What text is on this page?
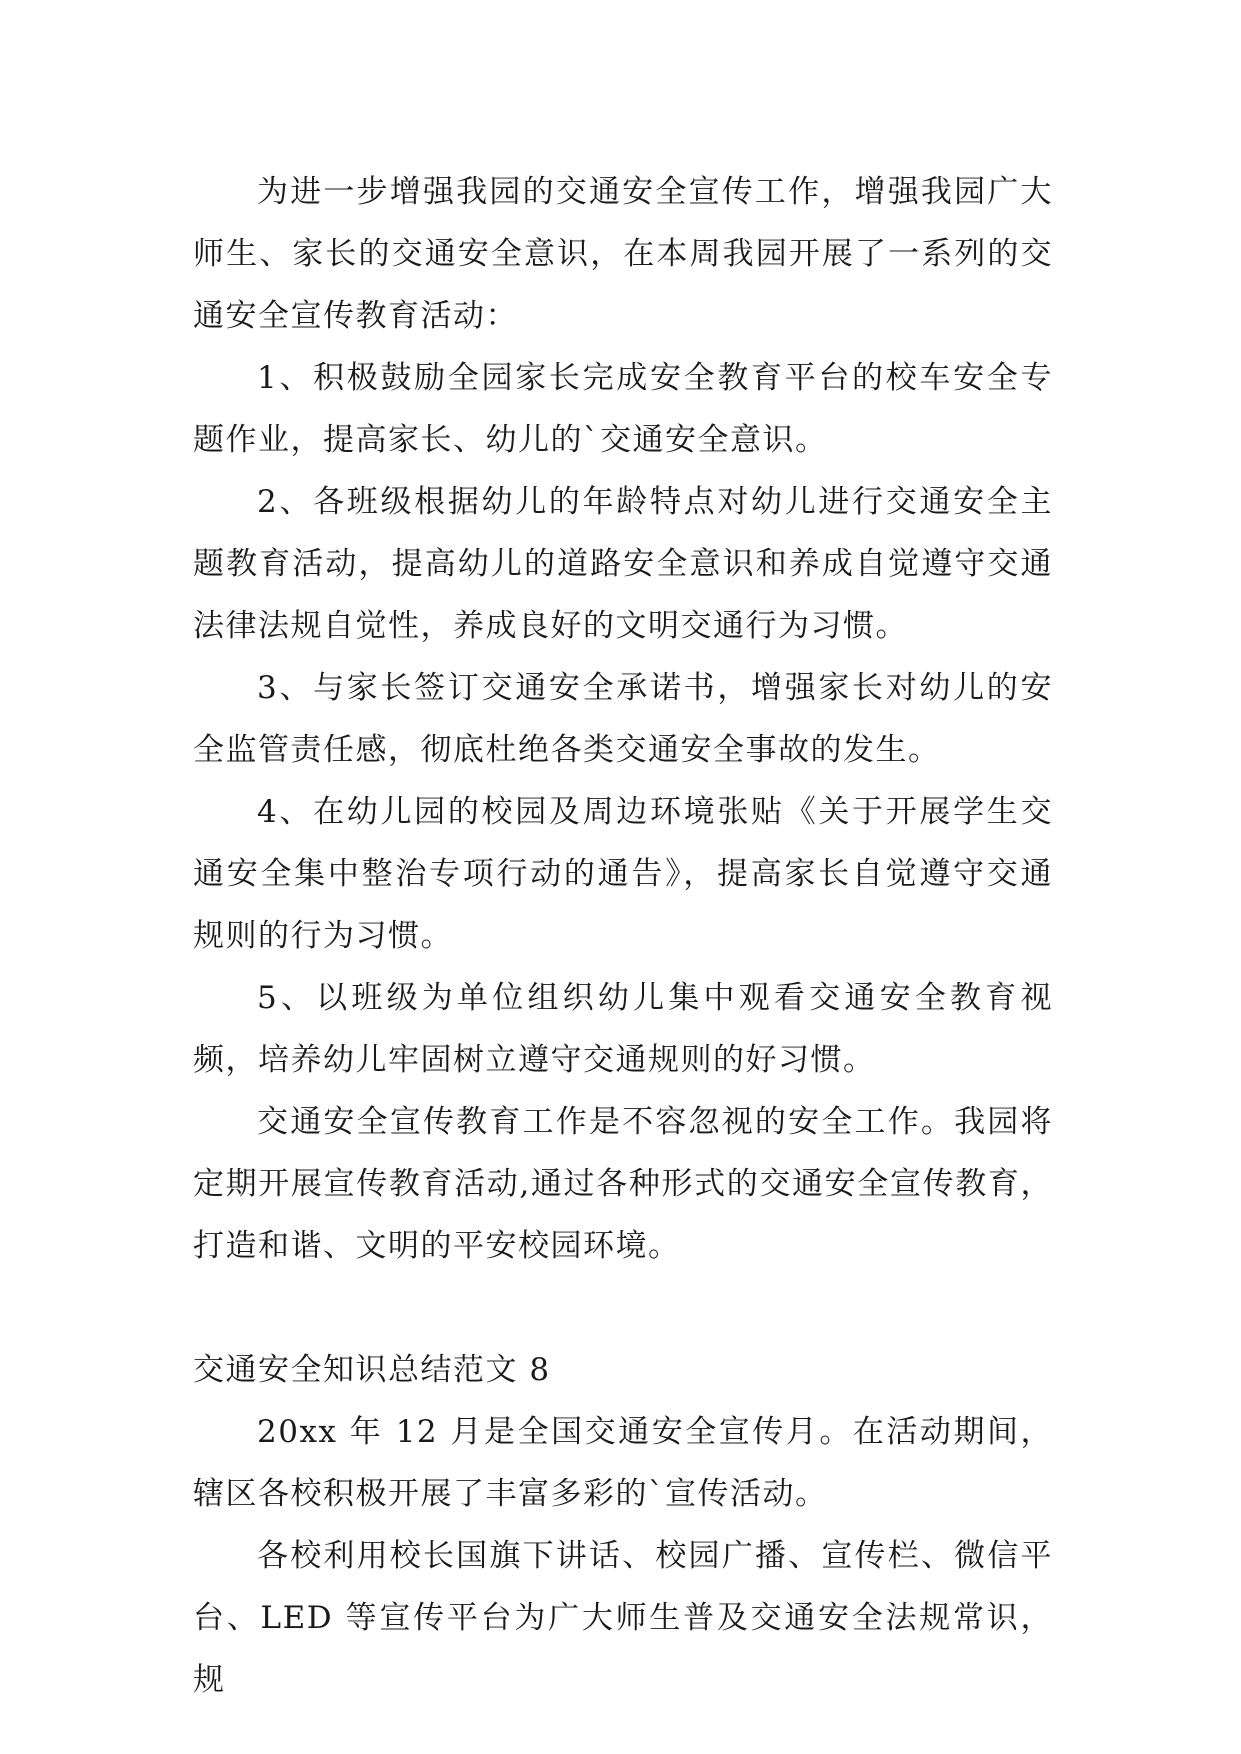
为进一步增强我园的交通安全宣传工作，增强我园广大师生、家长的交通安全意识，在本周我园开展了一系列的交通安全宣传教育活动：

1、积极鼓励全园家长完成安全教育平台的校车安全专题作业，提高家长、幼儿的`交通安全意识。

2、各班级根据幼儿的年龄特点对幼儿进行交通安全主题教育活动，提高幼儿的道路安全意识和养成自觉遵守交通法律法规自觉性，养成良好的文明交通行为习惯。

3、与家长签订交通安全承诺书，增强家长对幼儿的安全监管责任感，彻底杜绝各类交通安全事故的发生。

4、在幼儿园的校园及周边环境张贴《关于开展学生交通安全集中整治专项行动的通告》，提高家长自觉遵守交通规则的行为习惯。

5、以班级为单位组织幼儿集中观看交通安全教育视频，培养幼儿牢固树立遵守交通规则的好习惯。

交通安全宣传教育工作是不容忽视的安全工作。我园将定期开展宣传教育活动,通过各种形式的交通安全宣传教育，打造和谐、文明的平安校园环境。

交通安全知识总结范文 8

20xx 年 12 月是全国交通安全宣传月。在活动期间，辖区各校积极开展了丰富多彩的`宣传活动。

各校利用校长国旗下讲话、校园广播、宣传栏、微信平台、LED 等宣传平台为广大师生普及交通安全法规常识，规
